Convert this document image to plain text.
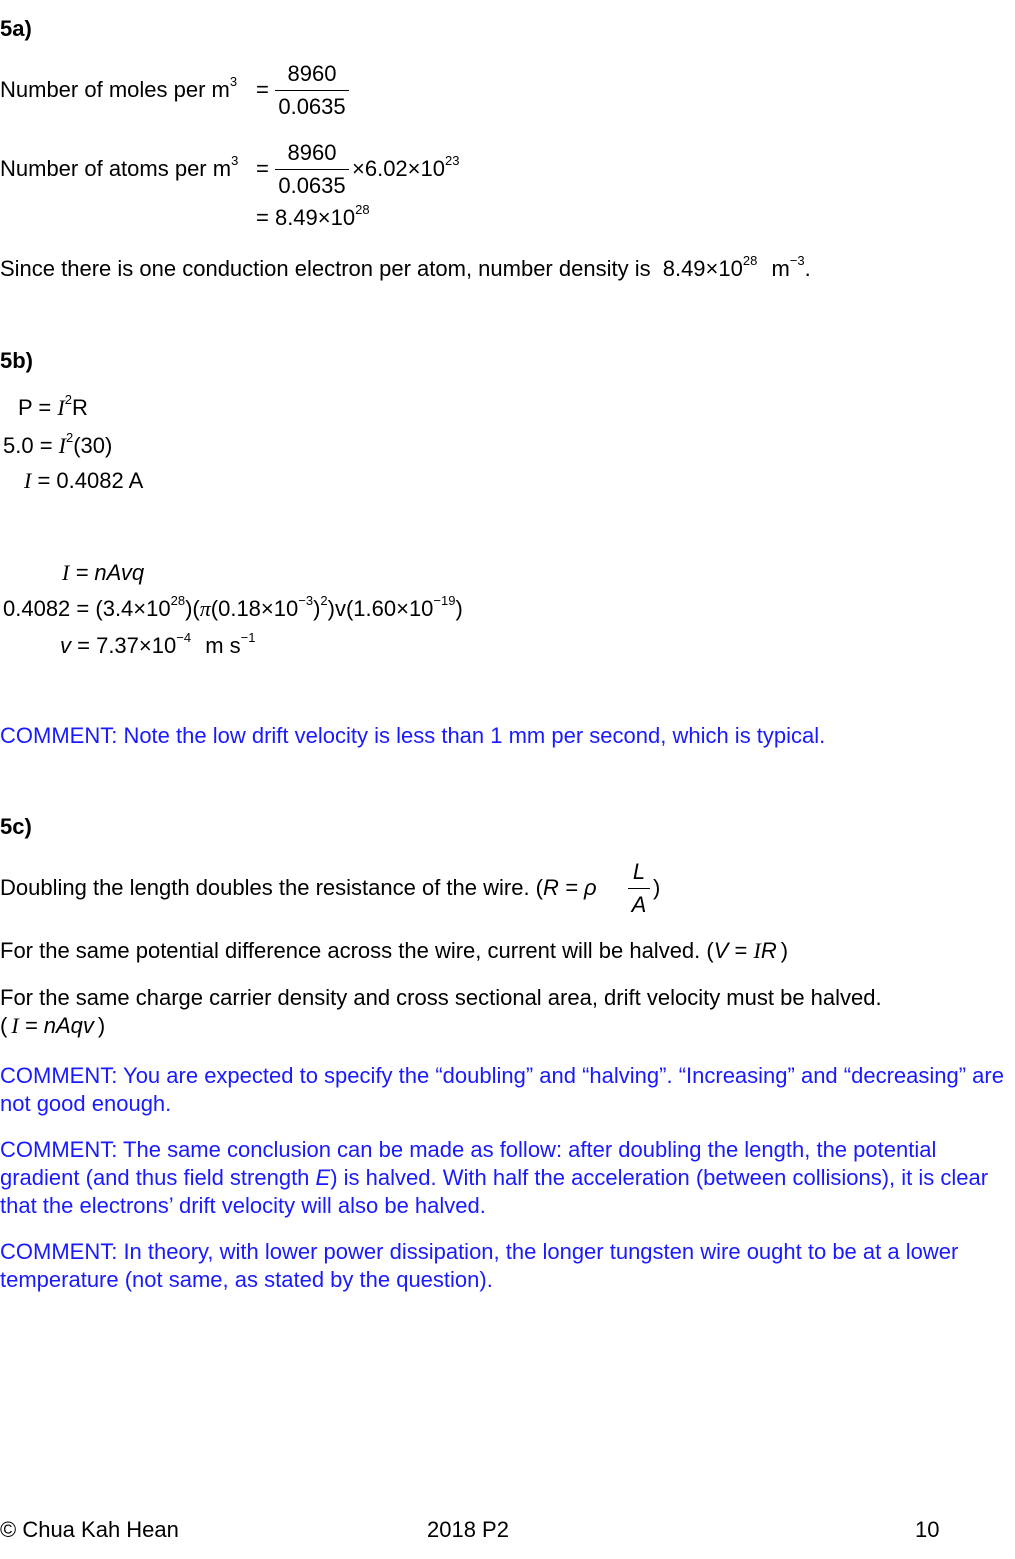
5a)
Number of moles per $m^3$ =
8960
0.0635
Number of atoms per $m^3$ =
8960
0.0635
$\times 6.02\times 10^{23}$
= $8.49\times 10^{28}$
Since there is one conduction electron per atom, number density is $8.49\times 10^{28}$ $m^{-3}$.
5b)
$P = I^2R$
$5.0 = I^2(30)$
I = 0.4082 A
I = nAvq
$0.4082 = (3.4\times 10^{28})(\pi(0.18\times 10^{-3})^2)v(1.60\times 10^{-19})$
$v = 7.37\times 10^{-4}$ m $s^{-1}$
COMMENT: Note the low drift velocity is less than 1 mm per second, which is typical.
5c)
Doubling the length doubles the resistance of the wire. (R = ρ
L
A
)
For the same potential difference across the wire, current will be halved. (V = IR )
For the same charge carrier density and cross sectional area, drift velocity must be halved.
( I = nAqv )
COMMENT: You are expected to specify the “doubling” and “halving”. “Increasing” and “decreasing” are not good enough.
COMMENT: The same conclusion can be made as follow: after doubling the length, the potential gradient (and thus field strength E) is halved. With half the acceleration (between collisions), it is clear that the electrons’ drift velocity will also be halved.
COMMENT: In theory, with lower power dissipation, the longer tungsten wire ought to be at a lower temperature (not same, as stated by the question).
© Chua Kah Hean	2018 P2	10
